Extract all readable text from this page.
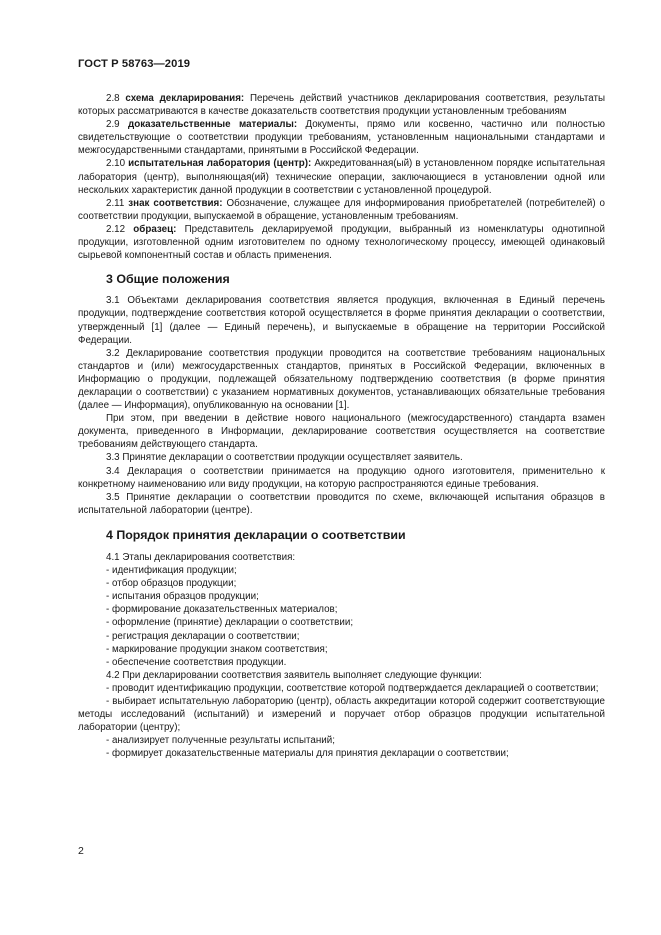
ГОСТ Р 58763—2019

2.8 схема декларирования: Перечень действий участников декларирования соответствия, результаты которых рассматриваются в качестве доказательств соответствия продукции установленным требованиям

2.9 доказательственные материалы: Документы, прямо или косвенно, частично или полностью свидетельствующие о соответствии продукции требованиям, установленным национальными стандартами и межгосударственными стандартами, принятыми в Российской Федерации.

2.10 испытательная лаборатория (центр): Аккредитованная(ый) в установленном порядке испытательная лаборатория (центр), выполняющая(ий) технические операции, заключающиеся в установлении одной или нескольких характеристик данной продукции в соответствии с установленной процедурой.

2.11 знак соответствия: Обозначение, служащее для информирования приобретателей (потребителей) о соответствии продукции, выпускаемой в обращение, установленным требованиям.

2.12 образец: Представитель декларируемой продукции, выбранный из номенклатуры однотипной продукции, изготовленной одним изготовителем по одному технологическому процессу, имеющей одинаковый сырьевой компонентный состав и область применения.

3 Общие положения

3.1 Объектами декларирования соответствия является продукция, включенная в Единый перечень продукции, подтверждение соответствия которой осуществляется в форме принятия декларации о соответствии, утвержденный [1] (далее — Единый перечень), и выпускаемые в обращение на территории Российской Федерации.

3.2 Декларирование соответствия продукции проводится на соответствие требованиям национальных стандартов и (или) межгосударственных стандартов, принятых в Российской Федерации, включенных в Информацию о продукции, подлежащей обязательному подтверждению соответствия (в форме принятия декларации о соответствии) с указанием нормативных документов, устанавливающих обязательные требования (далее — Информация), опубликованную на основании [1].

При этом, при введении в действие нового национального (межгосударственного) стандарта взамен документа, приведенного в Информации, декларирование соответствия осуществляется на соответствие требованиям действующего стандарта.

3.3 Принятие декларации о соответствии продукции осуществляет заявитель.

3.4 Декларация о соответствии принимается на продукцию одного изготовителя, применительно к конкретному наименованию или виду продукции, на которую распространяются единые требования.

3.5 Принятие декларации о соответствии проводится по схеме, включающей испытания образцов в испытательной лаборатории (центре).

4 Порядок принятия декларации о соответствии

4.1 Этапы декларирования соответствия:

- идентификация продукции;

- отбор образцов продукции;

- испытания образцов продукции;

- формирование доказательственных материалов;

- оформление (принятие) декларации о соответствии;

- регистрация декларации о соответствии;

- маркирование продукции знаком соответствия;

- обеспечение соответствия продукции.

4.2 При декларировании соответствия заявитель выполняет следующие функции:

- проводит идентификацию продукции, соответствие которой подтверждается декларацией о соответствии;

- выбирает испытательную лабораторию (центр), область аккредитации которой содержит соответствующие методы исследований (испытаний) и измерений и поручает отбор образцов продукции испытательной лаборатории (центру);

- анализирует полученные результаты испытаний;

- формирует доказательственные материалы для принятия декларации о соответствии;

2
